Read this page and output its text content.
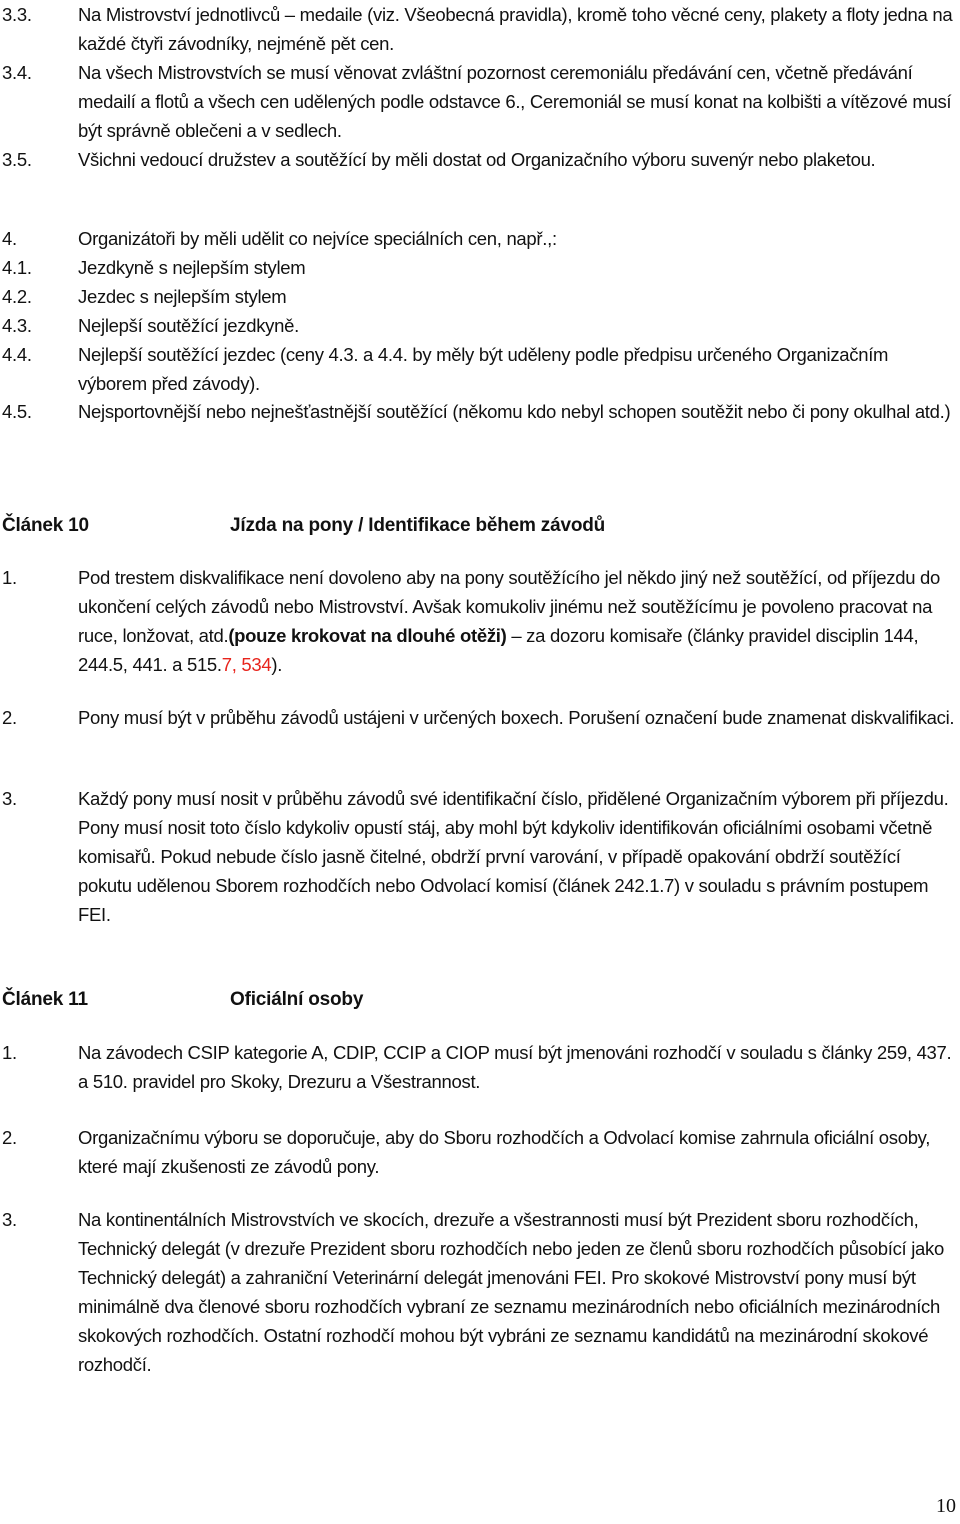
3.3.	Na Mistrovství jednotlivců – medaile (viz. Všeobecná pravidla), kromě toho věcné ceny, plakety a floty jedna na každé čtyři závodníky, nejméně pět cen.
3.4.	Na všech Mistrovstvích se musí věnovat zvláštní pozornost ceremoniálu předávání cen, včetně předávání medailí a flotů a všech cen udělených podle odstavce 6., Ceremoniál se musí konat na kolbišti a vítězové musí být správně oblečeni a v sedlech.
3.5.	Všichni vedoucí družstev a soutěžící by měli dostat od Organizačního výboru suvenýr nebo plaketou.
4.	Organizátoři by měli udělit co nejvíce speciálních cen, např.,:
4.1.	Jezdkyně s nejlepším stylem
4.2.	Jezdec s nejlepším stylem
4.3.	Nejlepší soutěžící jezdkyně.
4.4.	Nejlepší soutěžící jezdec (ceny 4.3. a 4.4. by měly být uděleny podle předpisu určeného Organizačním výborem před závody).
4.5.	Nejsportovnější nebo nejnešťastnější soutěžící (někomu kdo nebyl schopen soutěžit nebo či pony okulhal atd.)
Článek 10	Jízda na pony / Identifikace během závodů
1.	Pod trestem diskvalifikace není dovoleno aby na pony soutěžícího jel někdo jiný než soutěžící, od příjezdu do ukončení celých závodů nebo Mistrovství. Avšak komukoliv jinému než soutěžícímu je povoleno pracovat na ruce, lonžovat, atd.(pouze krokovat na dlouhé otěži) – za dozoru komisaře (články pravidel disciplin 144, 244.5, 441. a 515.7, 534).
2.	Pony musí být v průběhu závodů ustájeni v určených boxech. Porušení označení bude znamenat diskvalifikaci.
3.	Každý pony musí nosit v průběhu závodů své identifikační číslo, přidělené Organizačním výborem při příjezdu. Pony musí nosit toto číslo kdykoliv opustí stáj, aby mohl být kdykoliv identifikován oficiálními osobami včetně komisařů. Pokud nebude číslo jasně čitelné, obdrží první varování, v případě opakování obdrží soutěžící pokutu udělenou Sborem rozhodčích nebo Odvolací komisí (článek 242.1.7) v souladu s právním postupem FEI.
Článek 11	Oficiální osoby
1.	Na závodech CSIP kategorie A, CDIP, CCIP a CIOP musí být jmenováni rozhodčí v souladu s články 259, 437. a 510. pravidel pro Skoky, Drezuru a Všestrannost.
2.	Organizačnímu výboru se doporučuje, aby do Sboru rozhodčích a Odvolací komise zahrnula oficiální osoby, které mají zkušenosti ze závodů pony.
3.	Na kontinentálních Mistrovstvích ve skocích, drezuře a všestrannosti musí být Prezident sboru rozhodčích, Technický delegát (v drezuře Prezident sboru rozhodčích nebo jeden ze členů sboru rozhodčích působící jako Technický delegát) a zahraniční Veterinární delegát jmenováni FEI. Pro skokové Mistrovství pony musí být minimálně dva členové sboru rozhodčích vybraní ze seznamu mezinárodních nebo oficiálních mezinárodních skokových rozhodčích. Ostatní rozhodčí mohou být vybráni ze seznamu kandidátů na mezinárodní skokové rozhodčí.
10
